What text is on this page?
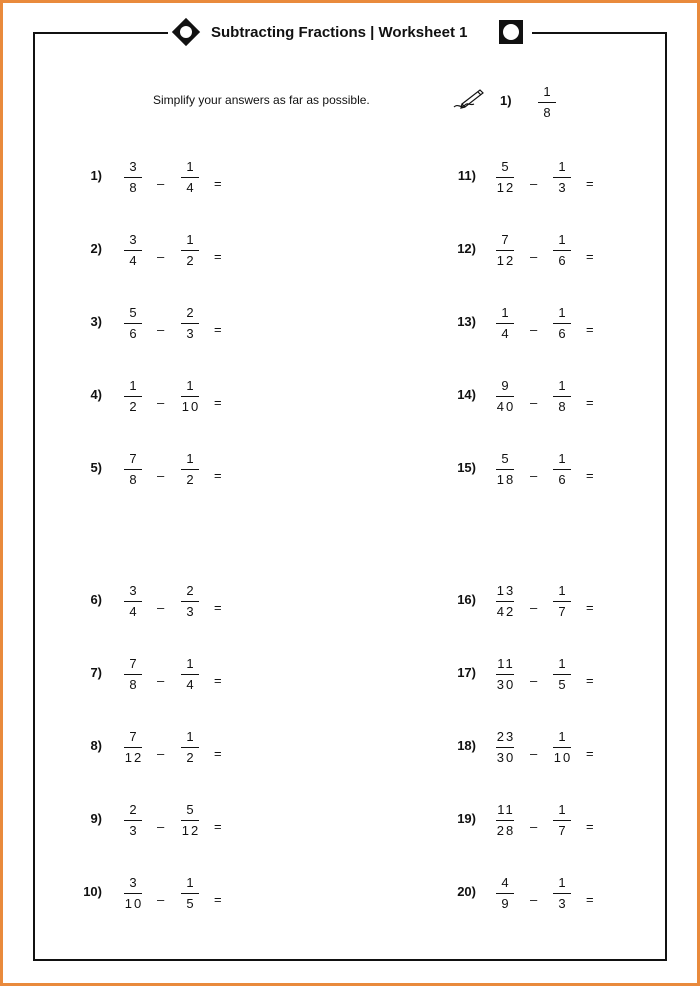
Subtracting Fractions | Worksheet 1
Simplify your answers as far as possible.	1)
1
8
1)
3
8	–
1
4	=
2)
3
4	–
1
2	=
3)
5
6	–
2
3	=
4)
1
2	–
1
10	=
5)
7
8	–
1
2	=
6)
3
4	–
2
3	=
7)
7
8	–
1
4	=
8)
7
12	–
1
2	=
9)
2
3	–
5
12	=
10)
3
10	–
1
5	=
11)
5
12	–
1
3	=
12)
7
12	–
1
6	=
13)
1
4	–
1
6	=
14)
9
40	–
1
8	=
15)
5
18	–
1
6	=
16)
13
42	–
1
7	=
17)
11
30	–
1
5	=
18)
23
30	–
1
10	=
19)
11
28	–
1
7	=
20)
4
9	–
1
3	=
